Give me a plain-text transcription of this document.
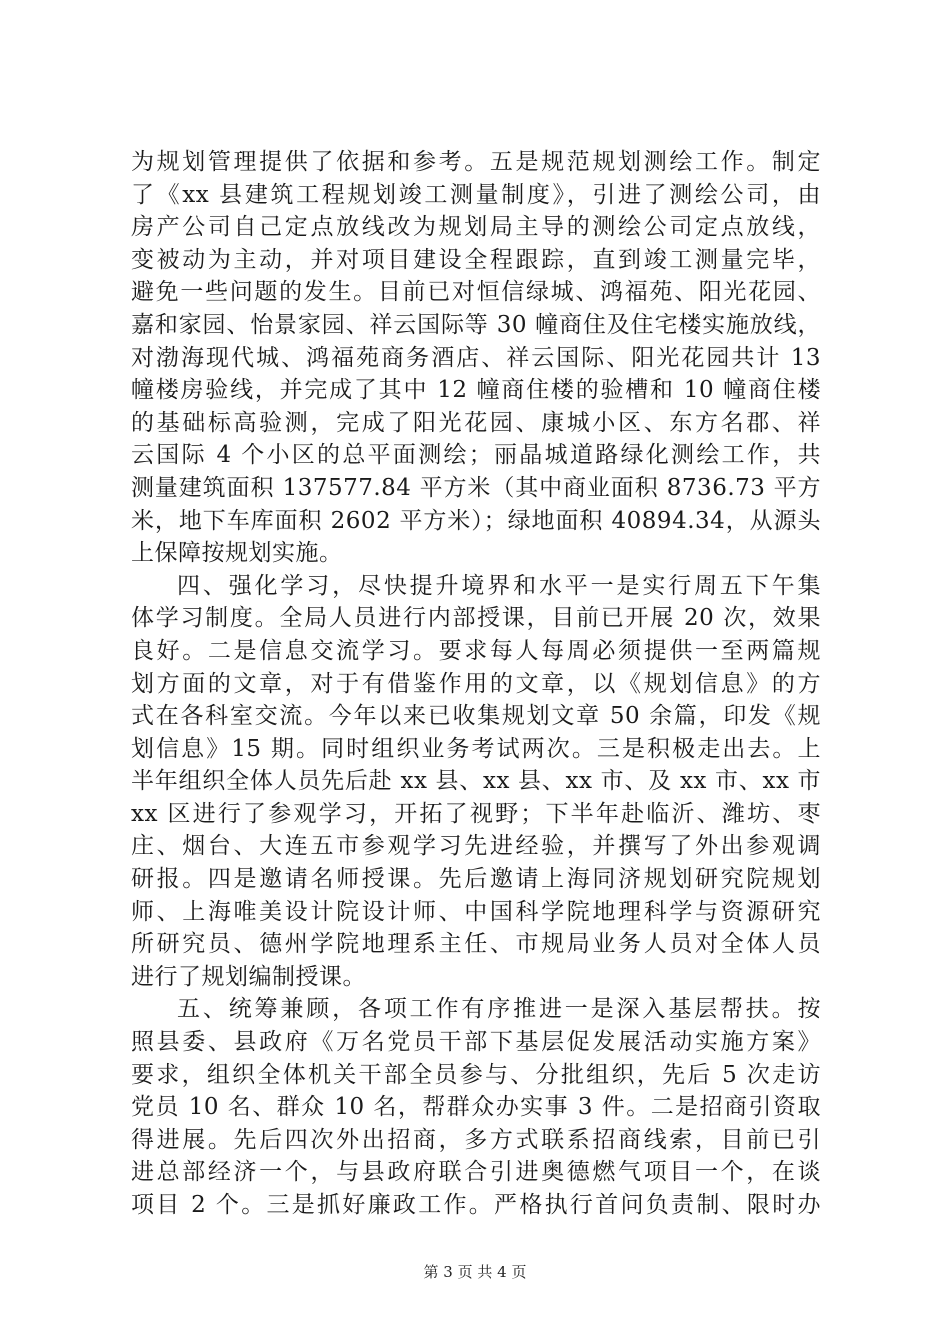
为规划管理提供了依据和参考。五是规范规划测绘工作。制定
了《xx 县建筑工程规划竣工测量制度》，引进了测绘公司，由
房产公司自己定点放线改为规划局主导的测绘公司定点放线，
变被动为主动，并对项目建设全程跟踪，直到竣工测量完毕，
避免一些问题的发生。目前已对恒信绿城、鸿福苑、阳光花园、
嘉和家园、怡景家园、祥云国际等 30 幢商住及住宅楼实施放线，
对渤海现代城、鸿福苑商务酒店、祥云国际、阳光花园共计 13
幢楼房验线，并完成了其中 12 幢商住楼的验槽和 10 幢商住楼
的基础标高验测，完成了阳光花园、康城小区、东方名郡、祥
云国际 4 个小区的总平面测绘；丽晶城道路绿化测绘工作，共
测量建筑面积 137577.84 平方米（其中商业面积 8736.73 平方
米，地下车库面积 2602 平方米）；绿地面积 40894.34，从源头
上保障按规划实施。
四、强化学习，尽快提升境界和水平一是实行周五下午集
体学习制度。全局人员进行内部授课，目前已开展 20 次，效果
良好。二是信息交流学习。要求每人每周必须提供一至两篇规
划方面的文章，对于有借鉴作用的文章，以《规划信息》的方
式在各科室交流。今年以来已收集规划文章 50 余篇，印发《规
划信息》15 期。同时组织业务考试两次。三是积极走出去。上
半年组织全体人员先后赴 xx 县、xx 县、xx 市、及 xx 市、xx 市
xx 区进行了参观学习，开拓了视野；下半年赴临沂、潍坊、枣
庄、烟台、大连五市参观学习先进经验，并撰写了外出参观调
研报。四是邀请名师授课。先后邀请上海同济规划研究院规划
师、上海唯美设计院设计师、中国科学院地理科学与资源研究
所研究员、德州学院地理系主任、市规局业务人员对全体人员
进行了规划编制授课。
五、统筹兼顾，各项工作有序推进一是深入基层帮扶。按
照县委、县政府《万名党员干部下基层促发展活动实施方案》
要求，组织全体机关干部全员参与、分批组织，先后 5 次走访
党员 10 名、群众 10 名，帮群众办实事 3 件。二是招商引资取
得进展。先后四次外出招商，多方式联系招商线索，目前已引
进总部经济一个，与县政府联合引进奥德燃气项目一个，在谈
项目 2 个。三是抓好廉政工作。严格执行首问负责制、限时办
第 3 页 共 4 页
